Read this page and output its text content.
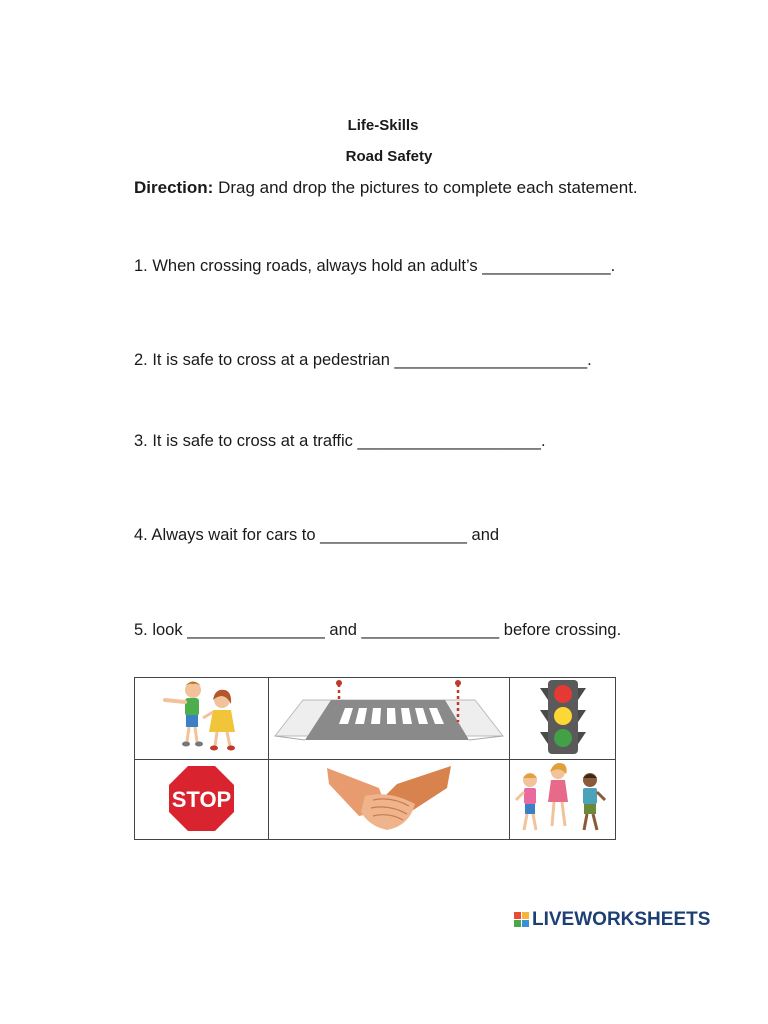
Life-Skills
Road Safety
Direction: Drag and drop the pictures to complete each statement.
1. When crossing roads, always hold an adult’s ______________.
2. It is safe to cross at a pedestrian _____________________.
3. It is safe to cross at a traffic ____________________.
4. Always wait for cars to ________________ and
5. look _______________ and _______________ before crossing.
STOP
LIVEWORKSHEETS
